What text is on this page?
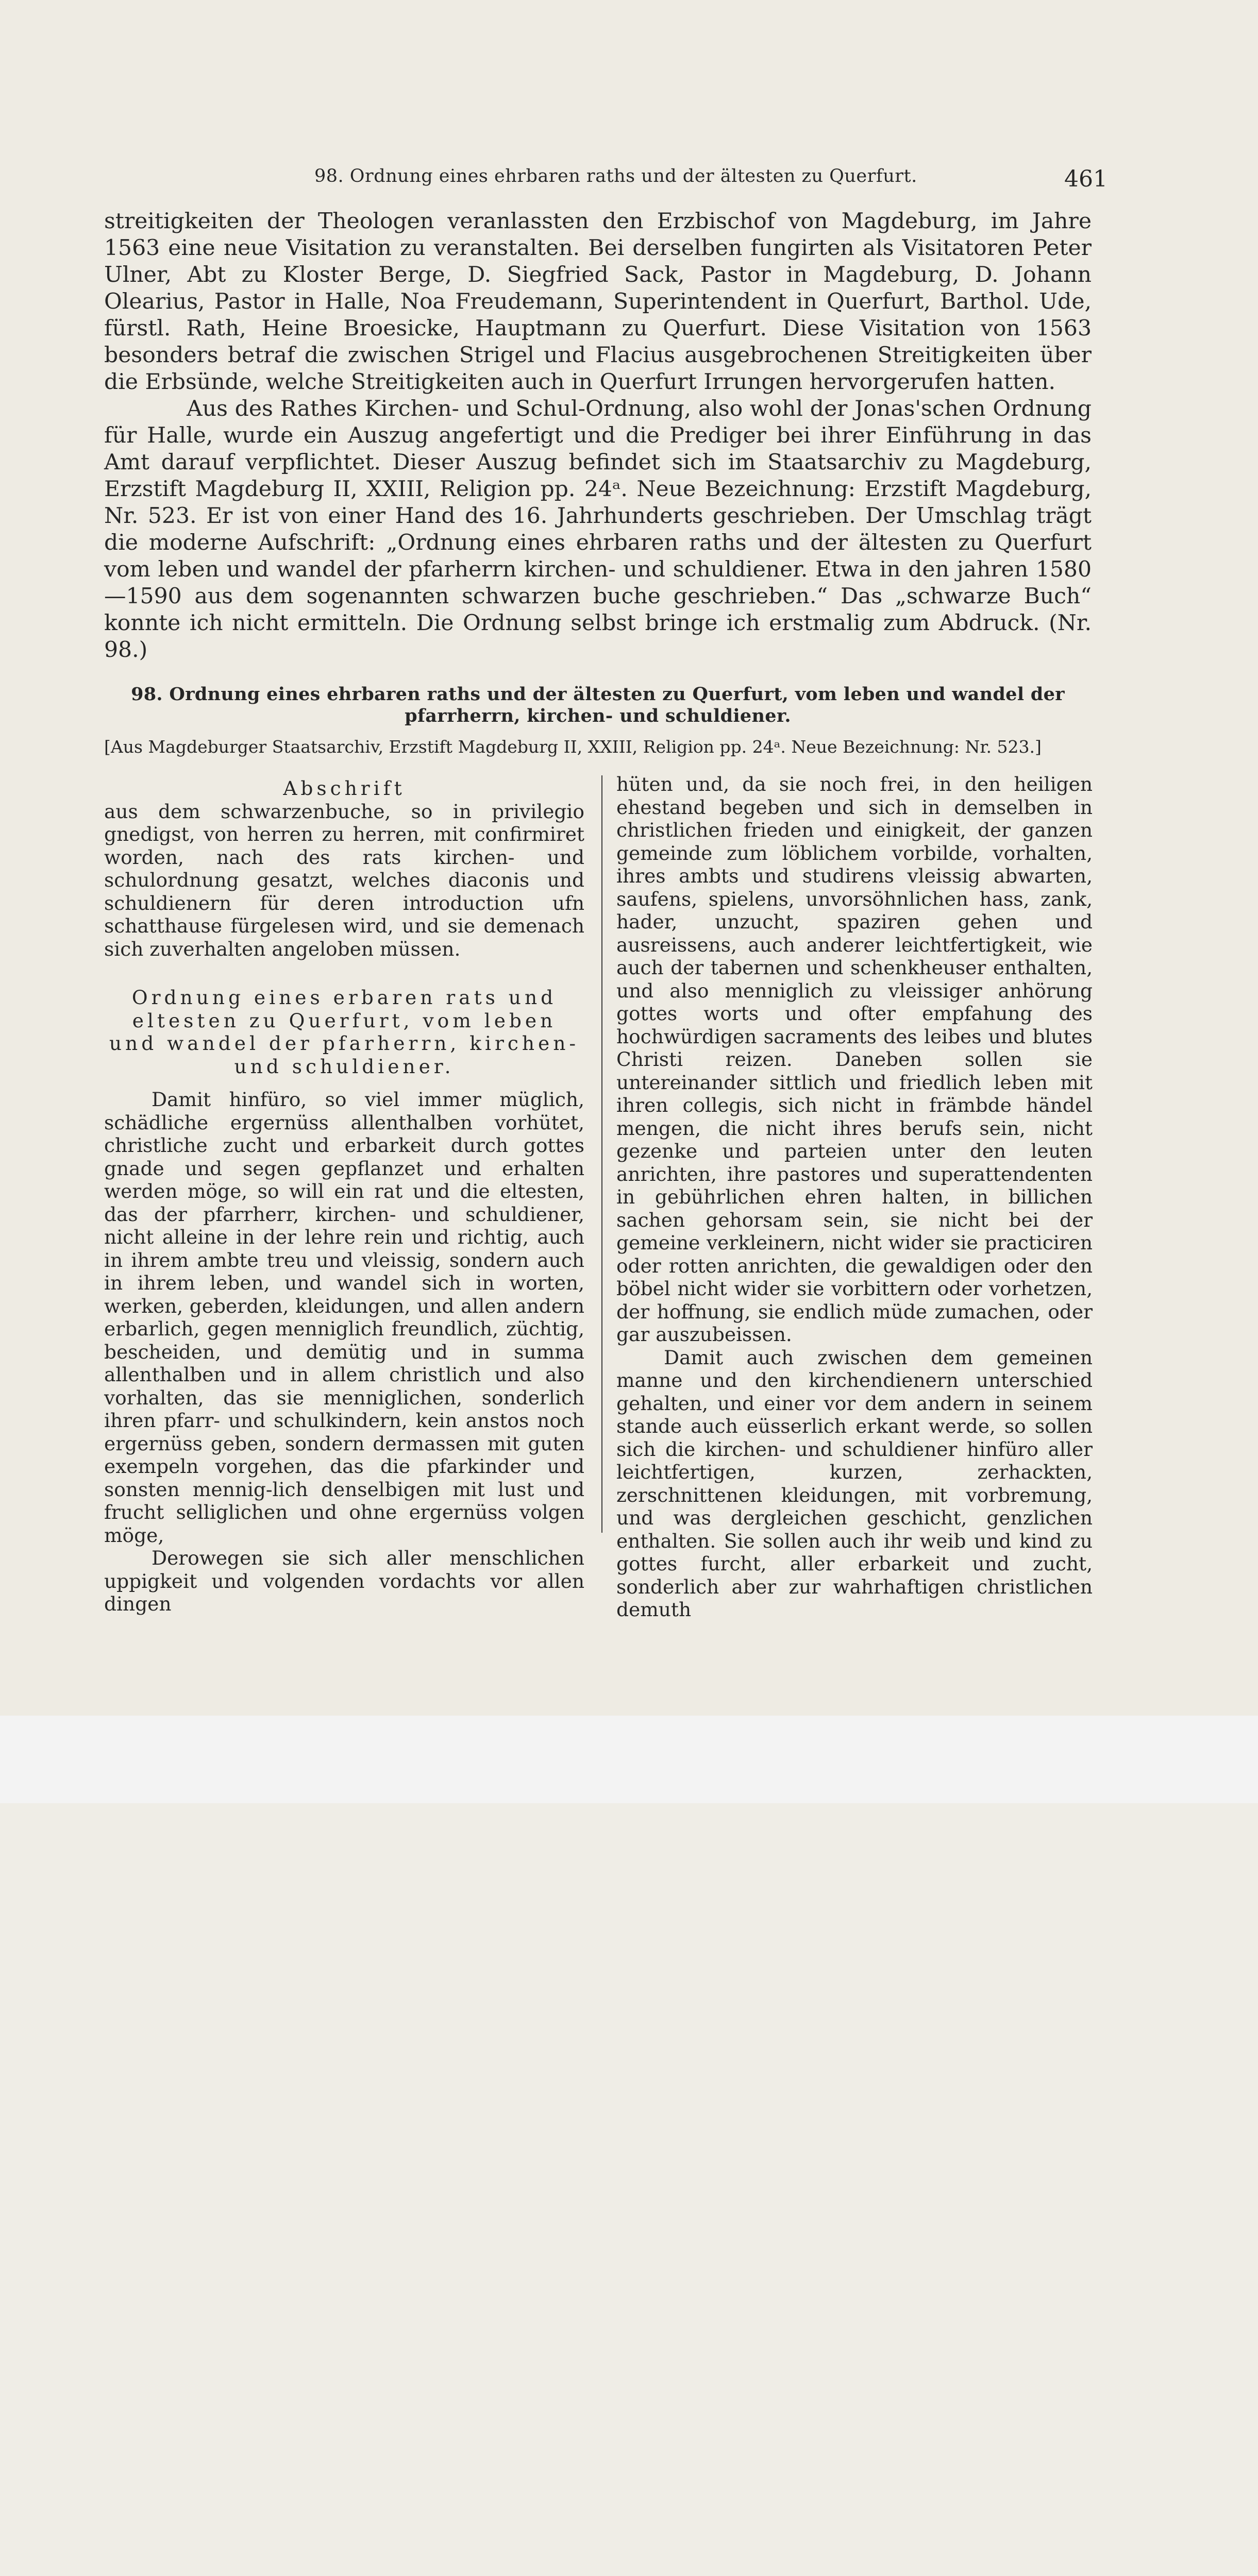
98. Ordnung eines ehrbaren raths und der ältesten zu Querfurt.	461

streitigkeiten der Theologen veranlassten den Erzbischof von Magdeburg, im Jahre 1563 eine neue Visitation zu veranstalten. Bei derselben fungirten als Visitatoren Peter Ulner, Abt zu Kloster Berge, D. Siegfried Sack, Pastor in Magdeburg, D. Johann Olearius, Pastor in Halle, Noa Freudemann, Superintendent in Querfurt, Barthol. Ude, fürstl. Rath, Heine Broesicke, Hauptmann zu Querfurt. Diese Visitation von 1563 besonders betraf die zwischen Strigel und Flacius ausgebrochenen Streitigkeiten über die Erbsünde, welche Streitigkeiten auch in Querfurt Irrungen hervorgerufen hatten.

Aus des Rathes Kirchen- und Schul-Ordnung, also wohl der Jonas'schen Ordnung für Halle, wurde ein Auszug angefertigt und die Prediger bei ihrer Einführung in das Amt darauf verpflichtet. Dieser Auszug befindet sich im Staatsarchiv zu Magdeburg, Erzstift Magdeburg II, XXIII, Religion pp. 24ᵃ. Neue Bezeichnung: Erzstift Magdeburg, Nr. 523. Er ist von einer Hand des 16. Jahrhunderts geschrieben. Der Umschlag trägt die moderne Aufschrift: „Ordnung eines ehrbaren raths und der ältesten zu Querfurt vom leben und wandel der pfarherrn kirchen- und schuldiener. Etwa in den jahren 1580—1590 aus dem sogenannten schwarzen buche geschrieben.“ Das „schwarze Buch“ konnte ich nicht ermitteln. Die Ordnung selbst bringe ich erstmalig zum Abdruck. (Nr. 98.)

98. Ordnung eines ehrbaren raths und der ältesten zu Querfurt, vom leben und wandel der pfarrherrn, kirchen- und schuldiener.
[Aus Magdeburger Staatsarchiv, Erzstift Magdeburg II, XXIII, Religion pp. 24ᵃ. Neue Bezeichnung: Nr. 523.]

Abschrift

aus dem schwarzenbuche, so in privilegio gnedigst, von herren zu herren, mit confirmiret worden, nach des rats kirchen- und schulordnung gesatzt, welches diaconis und schuldienern für deren introduction ufn schatthause fürgelesen wird, und sie demenach sich zuverhalten angeloben müssen.

Ordnung eines erbaren rats und eltesten zu Querfurt, vom leben und wandel der pfarherrn, kirchen- und schuldiener.

Damit hinfüro, so viel immer müglich, schädliche ergernüss allenthalben vorhütet, christliche zucht und erbarkeit durch gottes gnade und segen gepflanzet und erhalten werden möge, so will ein rat und die eltesten, das der pfarrherr, kirchen- und schuldiener, nicht alleine in der lehre rein und richtig, auch in ihrem ambte treu und vleissig, sondern auch in ihrem leben, und wandel sich in worten, werken, geberden, kleidungen, und allen andern erbarlich, gegen menniglich freundlich, züchtig, bescheiden, und demütig und in summa allenthalben und in allem christlich und also vorhalten, das sie menniglichen, sonderlich ihren pfarr- und schulkindern, kein anstos noch ergernüss geben, sondern dermassen mit guten exempeln vorgehen, das die pfarkinder und sonsten mennig-lich denselbigen mit lust und frucht selliglichen und ohne ergernüss volgen möge,

Derowegen sie sich aller menschlichen uppigkeit und volgenden vordachts vor allen dingen

hüten und, da sie noch frei, in den heiligen ehestand begeben und sich in demselben in christlichen frieden und einigkeit, der ganzen gemeinde zum löblichem vorbilde, vorhalten, ihres ambts und studirens vleissig abwarten, saufens, spielens, unvorsöhnlichen hass, zank, hader, unzucht, spaziren gehen und ausreissens, auch anderer leichtfertigkeit, wie auch der tabernen und schenkheuser enthalten, und also menniglich zu vleissiger anhörung gottes worts und ofter empfahung des hochwürdigen sacraments des leibes und blutes Christi reizen. Daneben sollen sie untereinander sittlich und friedlich leben mit ihren collegis, sich nicht in främbde händel mengen, die nicht ihres berufs sein, nicht gezenke und parteien unter den leuten anrichten, ihre pastores und superattendenten in gebührlichen ehren halten, in billichen sachen gehorsam sein, sie nicht bei der gemeine verkleinern, nicht wider sie practiciren oder rotten anrichten, die gewaldigen oder den böbel nicht wider sie vorbittern oder vorhetzen, der hoffnung, sie endlich müde zumachen, oder gar auszubeissen.

Damit auch zwischen dem gemeinen manne und den kirchendienern unterschied gehalten, und einer vor dem andern in seinem stande auch eüsserlich erkant werde, so sollen sich die kirchen- und schuldiener hinfüro aller leichtfertigen, kurzen, zerhackten, zerschnittenen kleidungen, mit vorbremung, und was dergleichen geschicht, genzlichen enthalten. Sie sollen auch ihr weib und kind zu gottes furcht, aller erbarkeit und zucht, sonderlich aber zur wahrhaftigen christlichen demuth
